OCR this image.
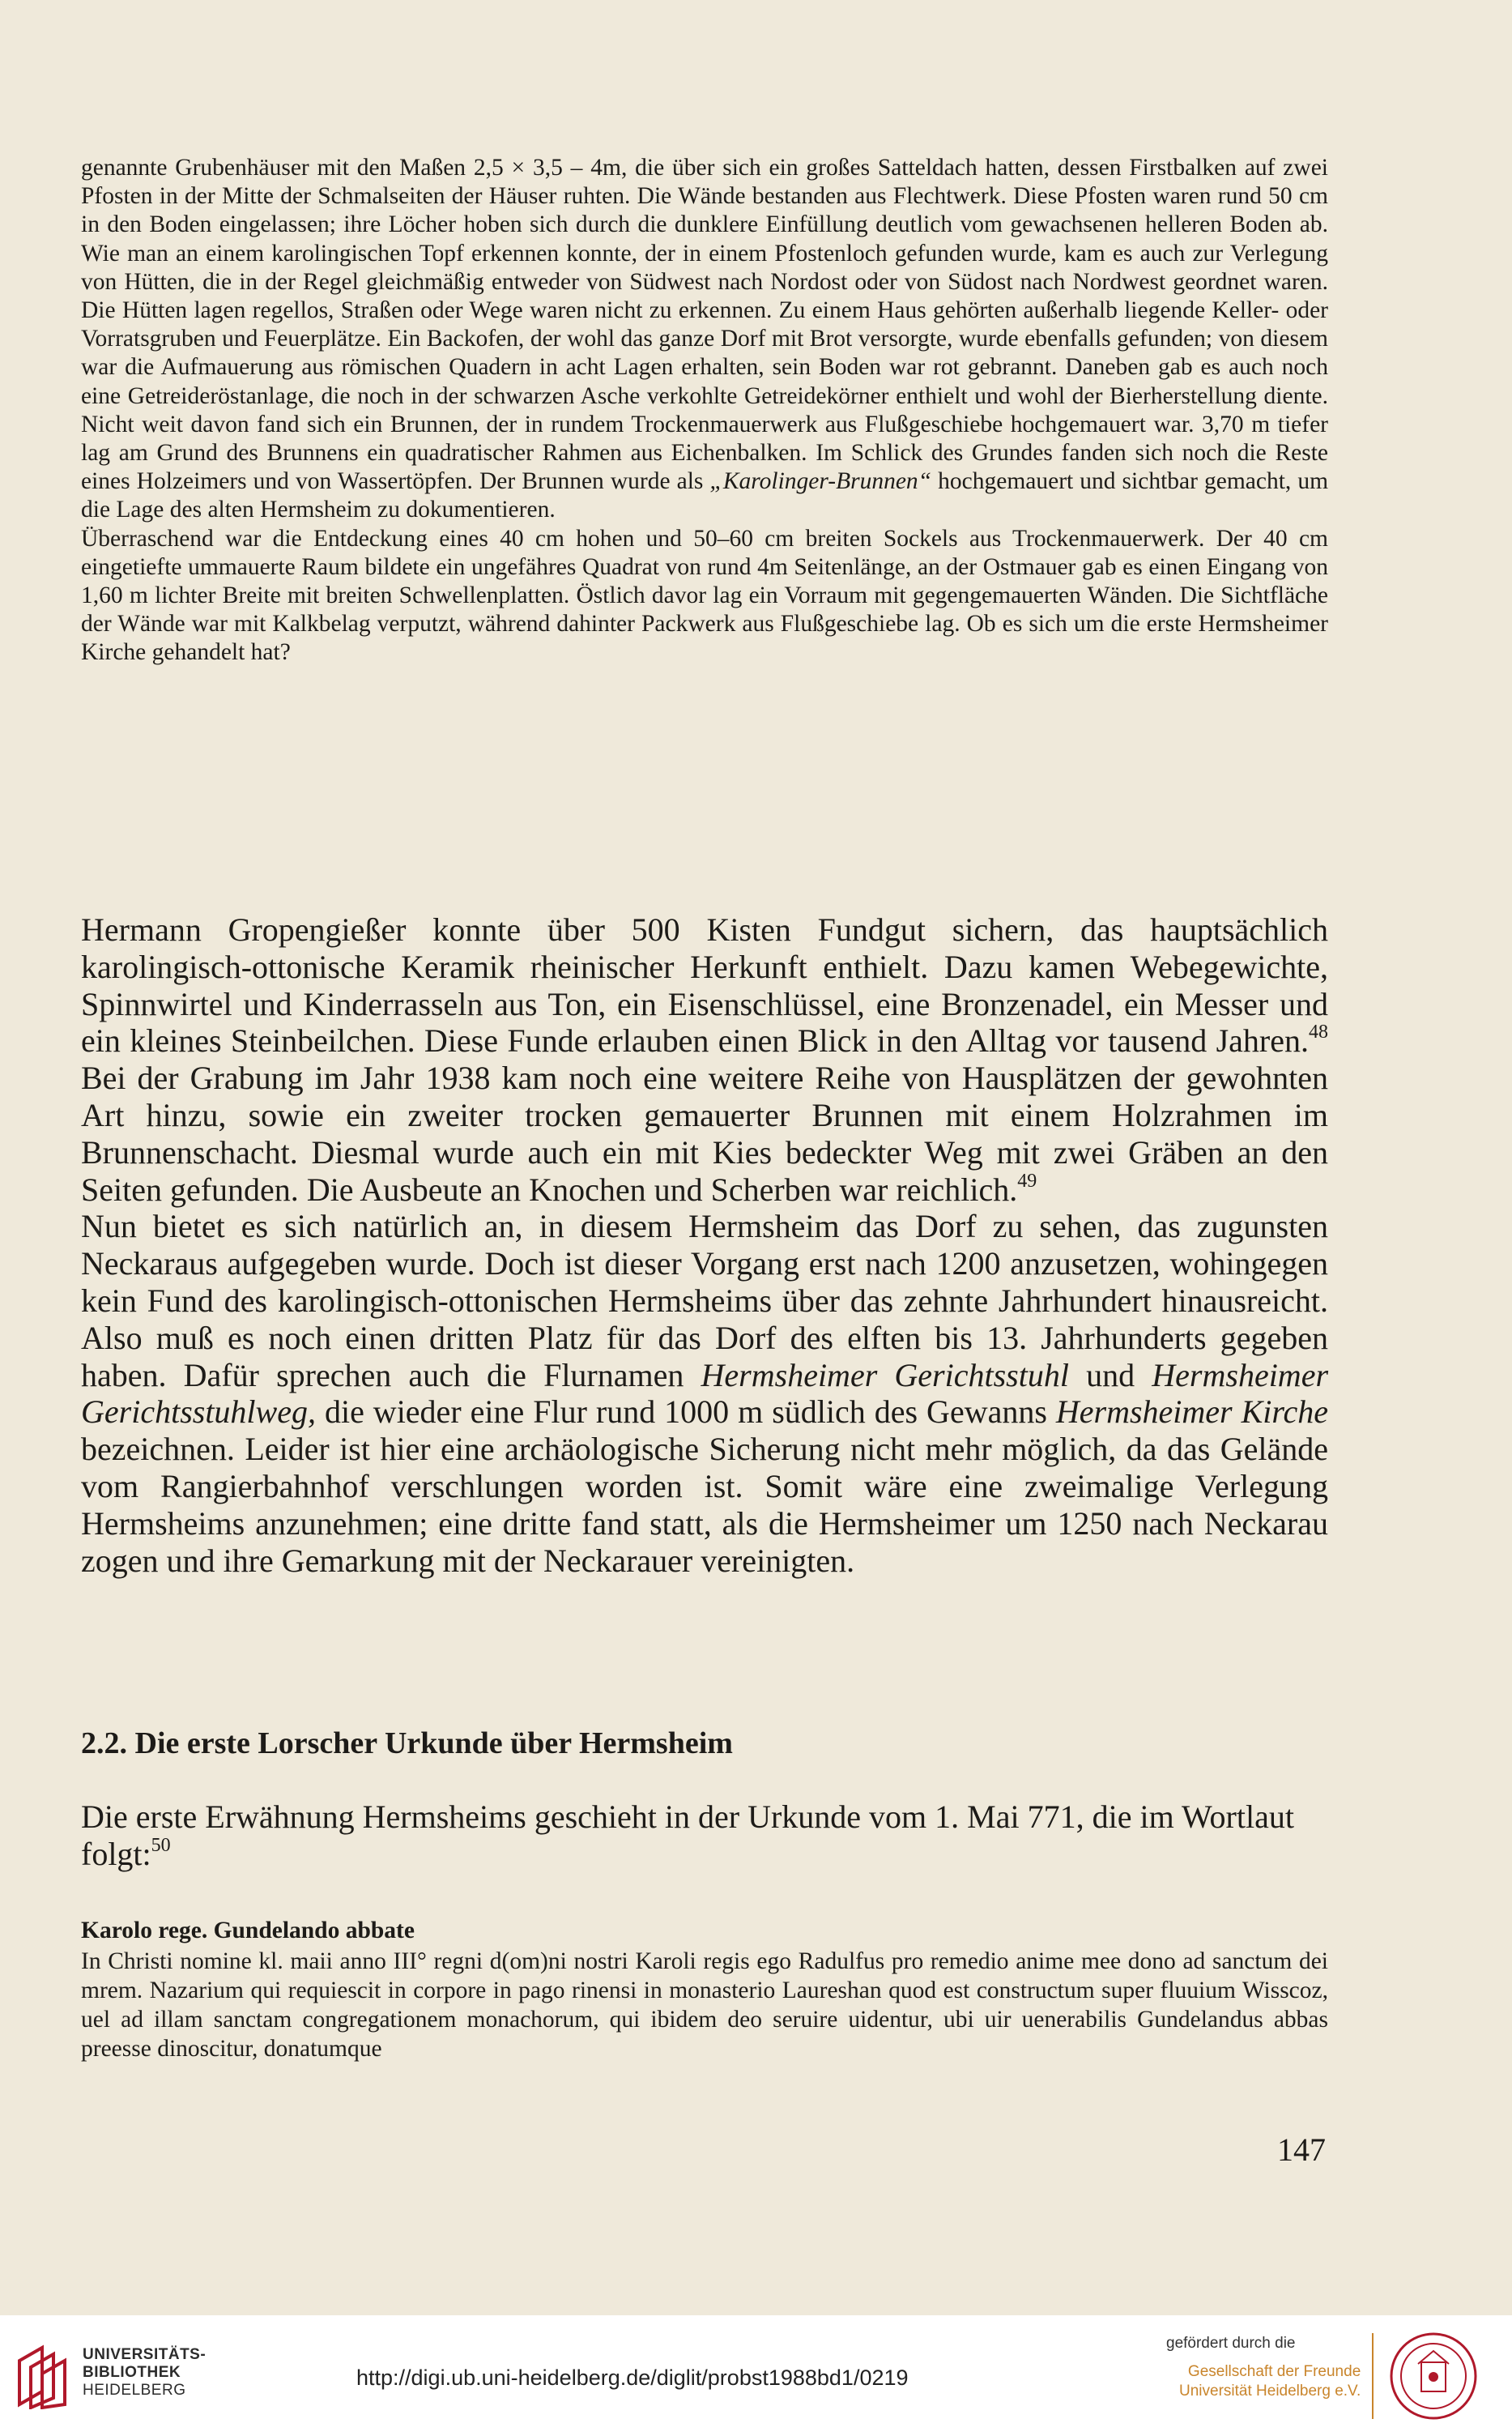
genannte Grubenhäuser mit den Maßen 2,5 × 3,5 – 4m, die über sich ein großes Satteldach hatten, dessen Firstbalken auf zwei Pfosten in der Mitte der Schmalseiten der Häuser ruhten. Die Wände bestanden aus Flechtwerk. Diese Pfosten waren rund 50 cm in den Boden eingelassen; ihre Löcher hoben sich durch die dunklere Einfüllung deutlich vom gewachsenen helleren Boden ab. Wie man an einem karolingischen Topf erkennen konnte, der in einem Pfostenloch gefunden wurde, kam es auch zur Verlegung von Hütten, die in der Regel gleichmäßig entweder von Südwest nach Nordost oder von Südost nach Nordwest geordnet waren. Die Hütten lagen regellos, Straßen oder Wege waren nicht zu erkennen. Zu einem Haus gehörten außerhalb liegende Keller- oder Vorratsgruben und Feuerplätze. Ein Backofen, der wohl das ganze Dorf mit Brot versorgte, wurde ebenfalls gefunden; von diesem war die Aufmauerung aus römischen Quadern in acht Lagen erhalten, sein Boden war rot gebrannt. Daneben gab es auch noch eine Getreideröstanlage, die noch in der schwarzen Asche verkohlte Getreidekörner enthielt und wohl der Bierherstellung diente. Nicht weit davon fand sich ein Brunnen, der in rundem Trockenmauerwerk aus Flußgeschiebe hochgemauert war. 3,70 m tiefer lag am Grund des Brunnens ein quadratischer Rahmen aus Eichenbalken. Im Schlick des Grundes fanden sich noch die Reste eines Holzeimers und von Wassertöpfen. Der Brunnen wurde als „Karolinger-Brunnen“ hochgemauert und sichtbar gemacht, um die Lage des alten Hermsheim zu dokumentieren.

Überraschend war die Entdeckung eines 40 cm hohen und 50–60 cm breiten Sockels aus Trockenmauerwerk. Der 40 cm eingetiefte ummauerte Raum bildete ein ungefähres Quadrat von rund 4m Seitenlänge, an der Ostmauer gab es einen Eingang von 1,60 m lichter Breite mit breiten Schwellenplatten. Östlich davor lag ein Vorraum mit gegengemauerten Wänden. Die Sichtfläche der Wände war mit Kalkbelag verputzt, während dahinter Packwerk aus Flußgeschiebe lag. Ob es sich um die erste Hermsheimer Kirche gehandelt hat?

Hermann Gropengießer konnte über 500 Kisten Fundgut sichern, das hauptsächlich karolingisch-ottonische Keramik rheinischer Herkunft enthielt. Dazu kamen Webegewichte, Spinnwirtel und Kinderrasseln aus Ton, ein Eisenschlüssel, eine Bronzenadel, ein Messer und ein kleines Steinbeilchen. Diese Funde erlauben einen Blick in den Alltag vor tausend Jahren.$^{48}$ Bei der Grabung im Jahr 1938 kam noch eine weitere Reihe von Hausplätzen der gewohnten Art hinzu, sowie ein zweiter trocken gemauerter Brunnen mit einem Holzrahmen im Brunnenschacht. Diesmal wurde auch ein mit Kies bedeckter Weg mit zwei Gräben an den Seiten gefunden. Die Ausbeute an Knochen und Scherben war reichlich.$^{49}$

Nun bietet es sich natürlich an, in diesem Hermsheim das Dorf zu sehen, das zugunsten Neckaraus aufgegeben wurde. Doch ist dieser Vorgang erst nach 1200 anzusetzen, wohingegen kein Fund des karolingisch-ottonischen Hermsheims über das zehnte Jahrhundert hinausreicht. Also muß es noch einen dritten Platz für das Dorf des elften bis 13. Jahrhunderts gegeben haben. Dafür sprechen auch die Flurnamen Hermsheimer Gerichtsstuhl und Hermsheimer Gerichtsstuhlweg, die wieder eine Flur rund 1000 m südlich des Gewanns Hermsheimer Kirche bezeichnen. Leider ist hier eine archäologische Sicherung nicht mehr möglich, da das Gelände vom Rangierbahnhof verschlungen worden ist. Somit wäre eine zweimalige Verlegung Hermsheims anzunehmen; eine dritte fand statt, als die Hermsheimer um 1250 nach Neckarau zogen und ihre Gemarkung mit der Neckarauer vereinigten.

2.2. Die erste Lorscher Urkunde über Hermsheim

Die erste Erwähnung Hermsheims geschieht in der Urkunde vom 1. Mai 771, die im Wortlaut folgt:$^{50}$

Karolo rege. Gundelando abbate

In Christi nomine kl. maii anno III° regni d(om)ni nostri Karoli regis ego Radulfus pro remedio anime mee dono ad sanctum dei mrem. Nazarium qui requiescit in corpore in pago rinensi in monasterio Laureshan quod est constructum super fluuium Wisscoz, uel ad illam sanctam congregationem monachorum, qui ibidem deo seruire uidentur, ubi uir uenerabilis Gundelandus abbas preesse dinoscitur, donatumque

147
UNIVERSITÄTS-
BIBLIOTHEK
HEIDELBERG
http://digi.ub.uni-heidelberg.de/diglit/probst1988bd1/0219
gefördert durch die
Gesellschaft der Freunde
Universität Heidelberg e.V.
